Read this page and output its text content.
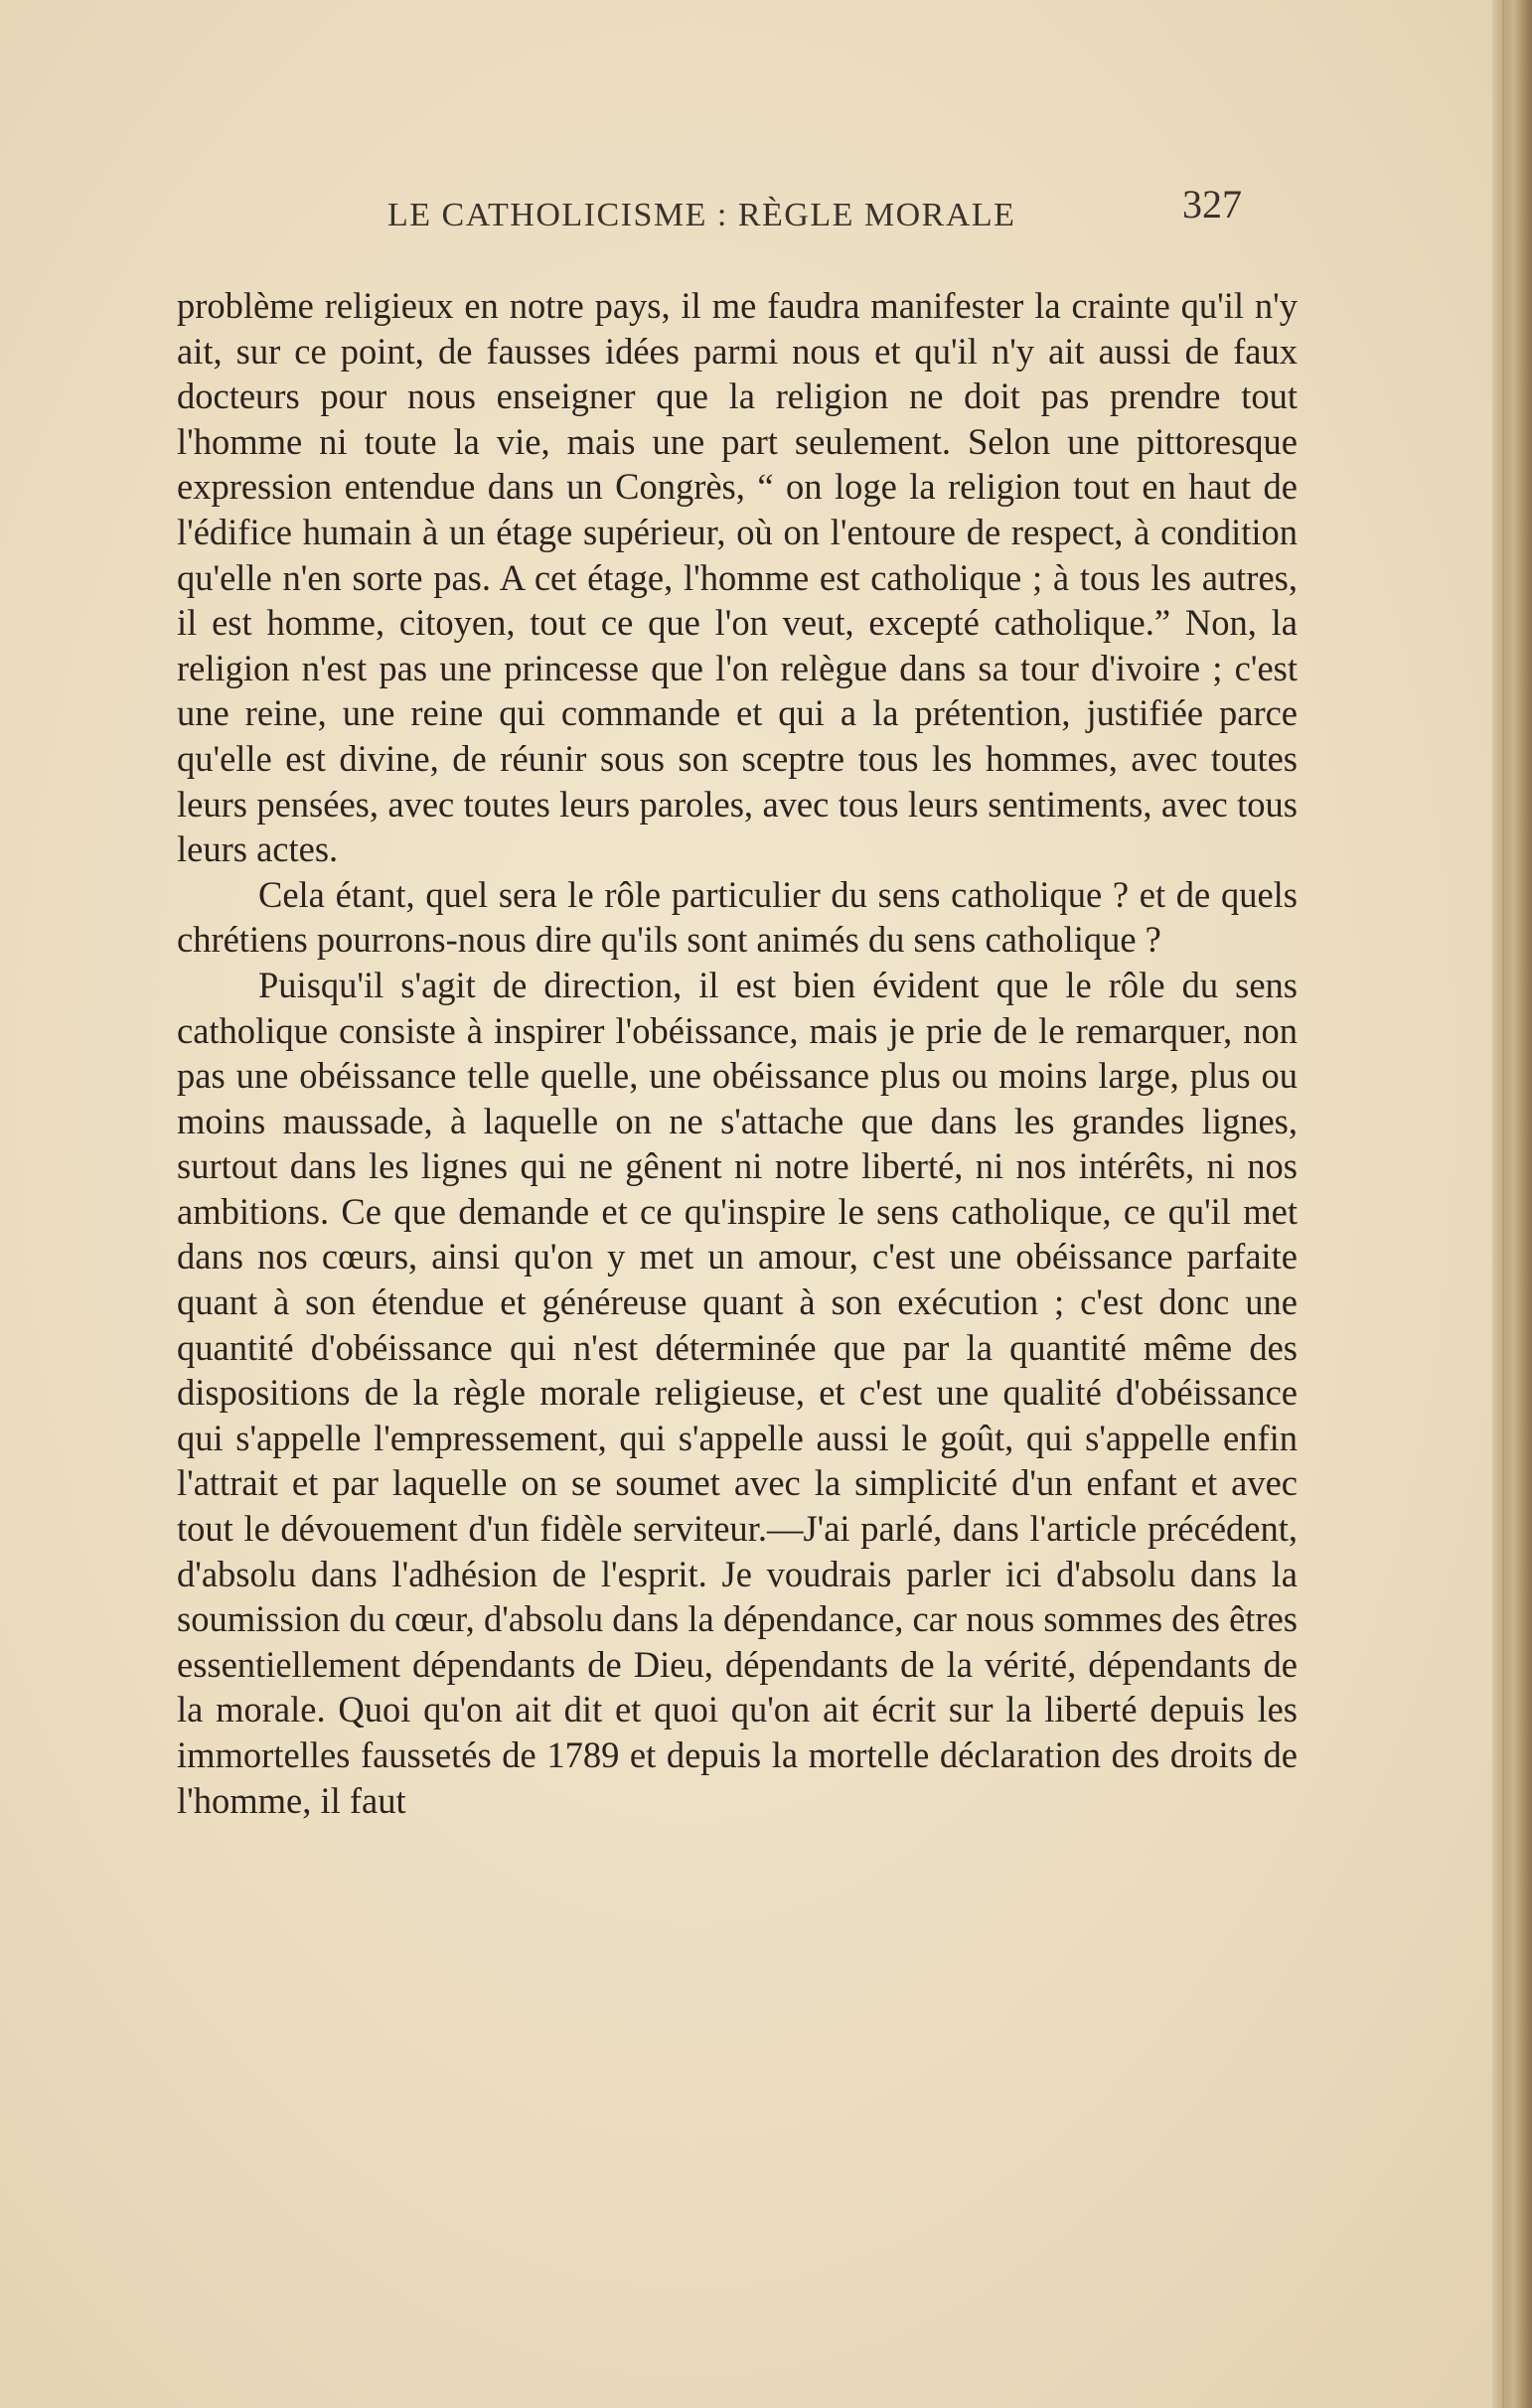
LE CATHOLICISME : RÈGLE MORALE	327

problème religieux en notre pays, il me faudra manifester la crainte qu'il n'y ait, sur ce point, de fausses idées parmi nous et qu'il n'y ait aussi de faux docteurs pour nous enseigner que la religion ne doit pas prendre tout l'homme ni toute la vie, mais une part seulement. Selon une pittoresque expression entendue dans un Congrès, “ on loge la religion tout en haut de l'édifice humain à un étage supérieur, où on l'entoure de respect, à condition qu'elle n'en sorte pas. A cet étage, l'homme est catholique ; à tous les autres, il est homme, citoyen, tout ce que l'on veut, excepté catholique.” Non, la religion n'est pas une princesse que l'on relègue dans sa tour d'ivoire ; c'est une reine, une reine qui commande et qui a la prétention, justifiée parce qu'elle est divine, de réunir sous son sceptre tous les hommes, avec toutes leurs pensées, avec toutes leurs paroles, avec tous leurs sentiments, avec tous leurs actes.

Cela étant, quel sera le rôle particulier du sens catholique ? et de quels chrétiens pourrons-nous dire qu'ils sont animés du sens catholique ?

Puisqu'il s'agit de direction, il est bien évident que le rôle du sens catholique consiste à inspirer l'obéissance, mais je prie de le remarquer, non pas une obéissance telle quelle, une obéissance plus ou moins large, plus ou moins maussade, à laquelle on ne s'attache que dans les grandes lignes, surtout dans les lignes qui ne gênent ni notre liberté, ni nos intérêts, ni nos ambitions. Ce que demande et ce qu'inspire le sens catholique, ce qu'il met dans nos cœurs, ainsi qu'on y met un amour, c'est une obéissance parfaite quant à son étendue et généreuse quant à son exécution ; c'est donc une quantité d'obéissance qui n'est déterminée que par la quantité même des dispositions de la règle morale religieuse, et c'est une qualité d'obéissance qui s'appelle l'empressement, qui s'appelle aussi le goût, qui s'appelle enfin l'attrait et par laquelle on se soumet avec la simplicité d'un enfant et avec tout le dévouement d'un fidèle serviteur.—J'ai parlé, dans l'article précédent, d'absolu dans l'adhésion de l'esprit. Je voudrais parler ici d'absolu dans la soumission du cœur, d'absolu dans la dépendance, car nous sommes des êtres essentiellement dépendants de Dieu, dépendants de la vérité, dépendants de la morale. Quoi qu'on ait dit et quoi qu'on ait écrit sur la liberté depuis les immortelles faussetés de 1789 et depuis la mortelle déclaration des droits de l'homme, il faut
